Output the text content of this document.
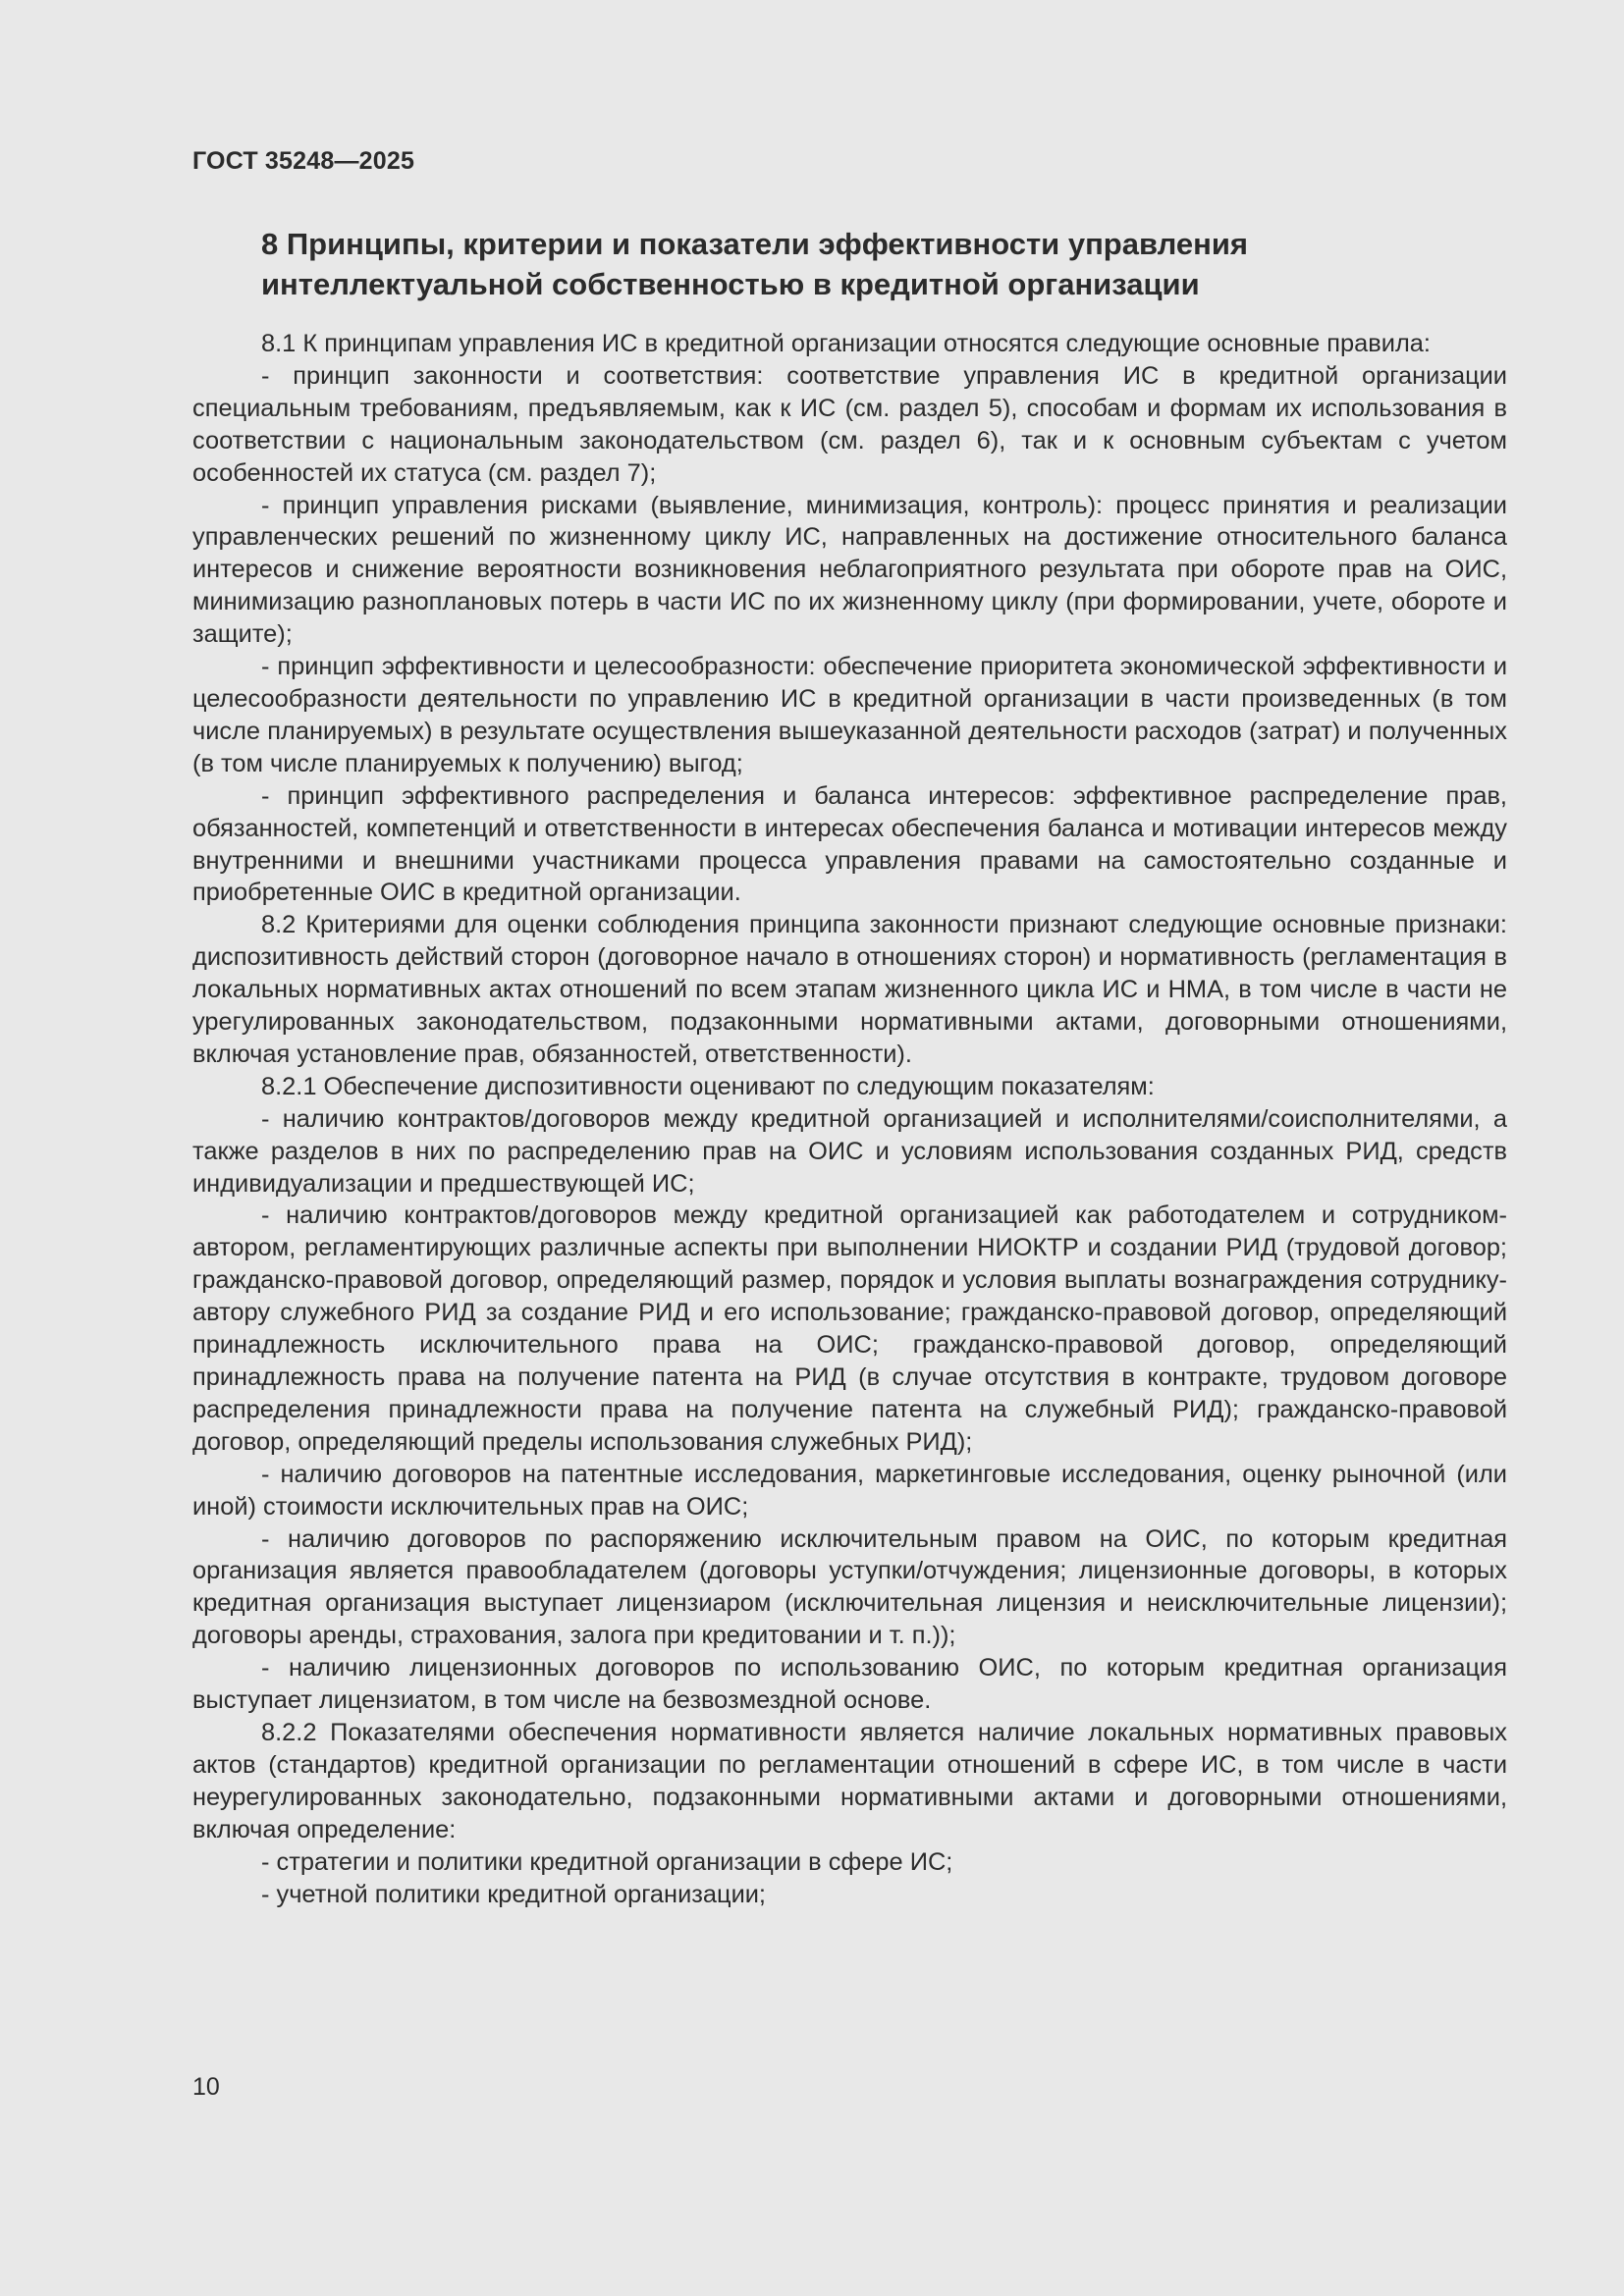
ГОСТ 35248—2025
8 Принципы, критерии и показатели эффективности управления
интеллектуальной собственностью в кредитной организации

8.1 К принципам управления ИС в кредитной организации относятся следующие основные правила:

- принцип законности и соответствия: соответствие управления ИС в кредитной организации специальным требованиям, предъявляемым, как к ИС (см. раздел 5), способам и формам их использования в соответствии с национальным законодательством (см. раздел 6), так и к основным субъектам с учетом особенностей их статуса (см. раздел 7);

- принцип управления рисками (выявление, минимизация, контроль): процесс принятия и реализации управленческих решений по жизненному циклу ИС, направленных на достижение относительного баланса интересов и снижение вероятности возникновения неблагоприятного результата при обороте прав на ОИС, минимизацию разноплановых потерь в части ИС по их жизненному циклу (при формировании, учете, обороте и защите);

- принцип эффективности и целесообразности: обеспечение приоритета экономической эффективности и целесообразности деятельности по управлению ИС в кредитной организации в части произведенных (в том числе планируемых) в результате осуществления вышеуказанной деятельности расходов (затрат) и полученных (в том числе планируемых к получению) выгод;

- принцип эффективного распределения и баланса интересов: эффективное распределение прав, обязанностей, компетенций и ответственности в интересах обеспечения баланса и мотивации интересов между внутренними и внешними участниками процесса управления правами на самостоятельно созданные и приобретенные ОИС в кредитной организации.

8.2 Критериями для оценки соблюдения принципа законности признают следующие основные признаки: диспозитивность действий сторон (договорное начало в отношениях сторон) и нормативность (регламентация в локальных нормативных актах отношений по всем этапам жизненного цикла ИС и НМА, в том числе в части не урегулированных законодательством, подзаконными нормативными актами, договорными отношениями, включая установление прав, обязанностей, ответственности).

8.2.1 Обеспечение диспозитивности оценивают по следующим показателям:

- наличию контрактов/договоров между кредитной организацией и исполнителями/соисполнителями, а также разделов в них по распределению прав на ОИС и условиям использования созданных РИД, средств индивидуализации и предшествующей ИС;

- наличию контрактов/договоров между кредитной организацией как работодателем и сотрудником-автором, регламентирующих различные аспекты при выполнении НИОКТР и создании РИД (трудовой договор; гражданско-правовой договор, определяющий размер, порядок и условия выплаты вознаграждения сотруднику-автору служебного РИД за создание РИД и его использование; гражданско-правовой договор, определяющий принадлежность исключительного права на ОИС; гражданско-правовой договор, определяющий принадлежность права на получение патента на РИД (в случае отсутствия в контракте, трудовом договоре распределения принадлежности права на получение патента на служебный РИД); гражданско-правовой договор, определяющий пределы использования служебных РИД);

- наличию договоров на патентные исследования, маркетинговые исследования, оценку рыночной (или иной) стоимости исключительных прав на ОИС;

- наличию договоров по распоряжению исключительным правом на ОИС, по которым кредитная организация является правообладателем (договоры уступки/отчуждения; лицензионные договоры, в которых кредитная организация выступает лицензиаром (исключительная лицензия и неисключительные лицензии); договоры аренды, страхования, залога при кредитовании и т. п.));

- наличию лицензионных договоров по использованию ОИС, по которым кредитная организация выступает лицензиатом, в том числе на безвозмездной основе.

8.2.2 Показателями обеспечения нормативности является наличие локальных нормативных правовых актов (стандартов) кредитной организации по регламентации отношений в сфере ИС, в том числе в части неурегулированных законодательно, подзаконными нормативными актами и договорными отношениями, включая определение:

- стратегии и политики кредитной организации в сфере ИС;

- учетной политики кредитной организации;

10
